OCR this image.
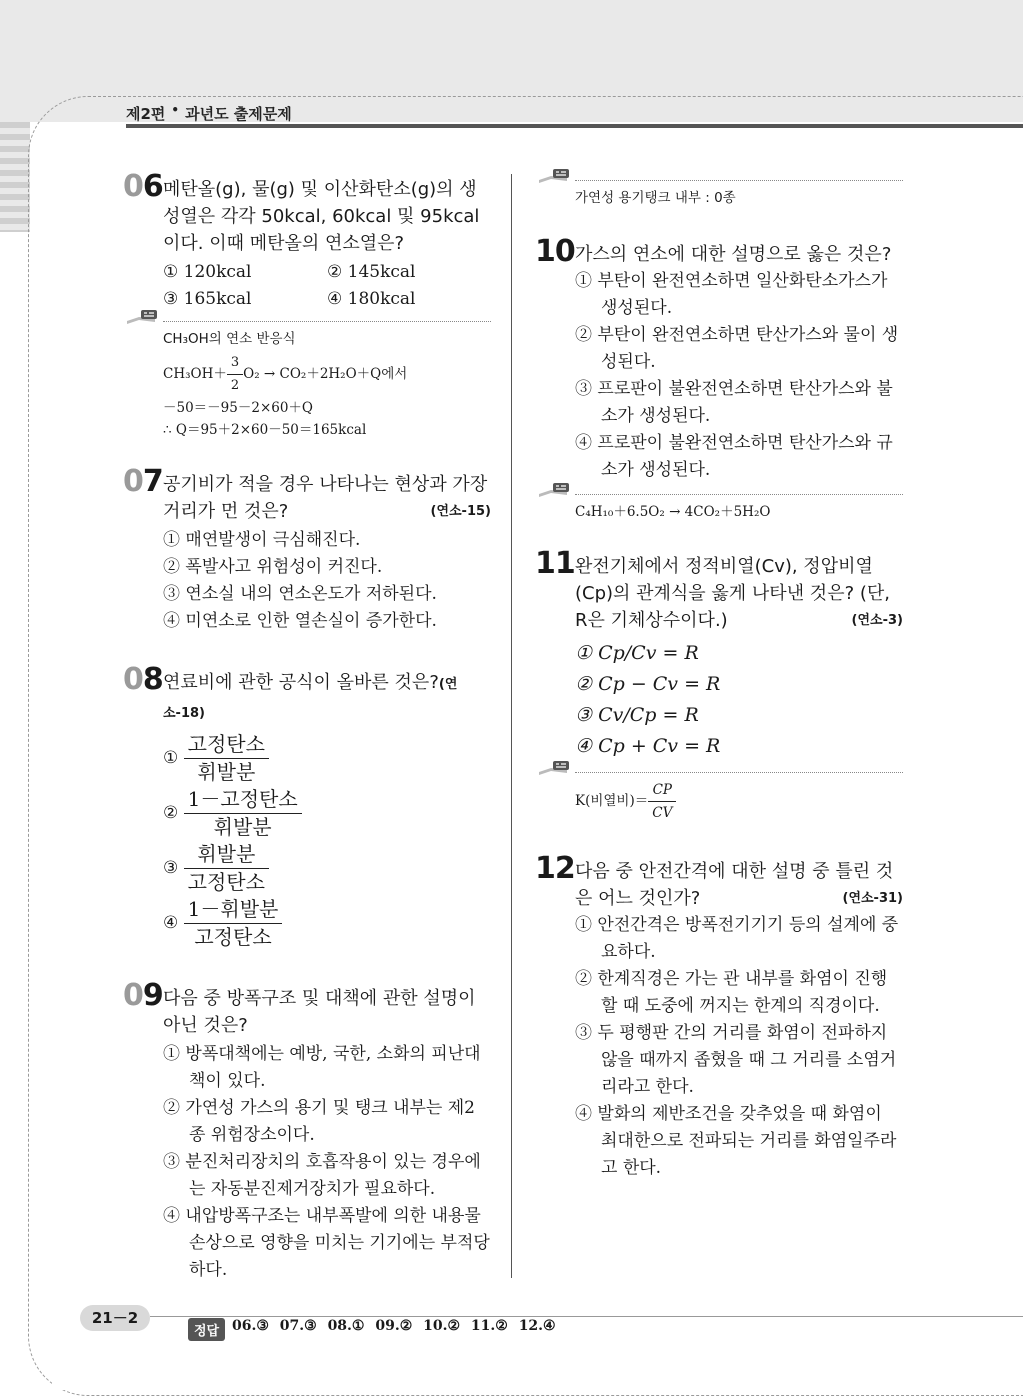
제2편 • 과년도 출제문제
06 메탄올(g), 물(g) 및 이산화탄소(g)의 생성열은 각각 50kcal, 60kcal 및 95kcal이다. 이때 메탄올의 연소열은?
① 120kcal	② 145kcal
③ 165kcal	④ 180kcal
CH₃OH의 연소 반응식
$CH_3OH+ \frac{3}{2} O_2 \to CO_2+2H_2O+Q$에서
－50＝－95－2×60＋Q
∴ Q＝95＋2×60－50＝165kcal
07 공기비가 적을 경우 나타나는 현상과 가장 거리가 먼 것은?	(연소-15)
① 매연발생이 극심해진다.
② 폭발사고 위험성이 커진다.
③ 연소실 내의 연소온도가 저하된다.
④ 미연소로 인한 열손실이 증가한다.
08 연료비에 관한 공식이 올바른 것은?(연소-18)
① $\frac{\text{고정탄소}}{\text{휘발분}}$
② $\frac{\text{1－고정탄소}}{\text{휘발분}}$
③ $\frac{\text{휘발분}}{\text{고정탄소}}$
④ $\frac{\text{1－휘발분}}{\text{고정탄소}}$
09 다음 중 방폭구조 및 대책에 관한 설명이 아닌 것은?
① 방폭대책에는 예방, 국한, 소화의 피난대책이 있다.
② 가연성 가스의 용기 및 탱크 내부는 제2종 위험장소이다.
③ 분진처리장치의 호흡작용이 있는 경우에는 자동분진제거장치가 필요하다.
④ 내압방폭구조는 내부폭발에 의한 내용물 손상으로 영향을 미치는 기기에는 부적당하다.
가연성 용기탱크 내부 : 0종
10 가스의 연소에 대한 설명으로 옳은 것은?
① 부탄이 완전연소하면 일산화탄소가스가 생성된다.
② 부탄이 완전연소하면 탄산가스와 물이 생성된다.
③ 프로판이 불완전연소하면 탄산가스와 불소가 생성된다.
④ 프로판이 불완전연소하면 탄산가스와 규소가 생성된다.
C₄H₁₀＋6.5O₂ → 4CO₂＋5H₂O
11 완전기체에서 정적비열(Cv), 정압비열(Cp)의 관계식을 옳게 나타낸 것은? (단, R은 기체상수이다.)	(연소-3)
① Cp/Cv = R
② Cp − Cv = R
③ Cv/Cp = R
④ Cp + Cv = R
K(비열비)＝ $\frac{CP}{CV}$
12 다음 중 안전간격에 대한 설명 중 틀린 것은 어느 것인가?	(연소-31)
① 안전간격은 방폭전기기기 등의 설계에 중요하다.
② 한계직경은 가는 관 내부를 화염이 진행할 때 도중에 꺼지는 한계의 직경이다.
③ 두 평행판 간의 거리를 화염이 전파하지 않을 때까지 좁혔을 때 그 거리를 소염거리라고 한다.
④ 발화의 제반조건을 갖추었을 때 화염이 최대한으로 전파되는 거리를 화염일주라고 한다.
21－2
정답 06.③ 07.③ 08.① 09.② 10.② 11.② 12.④
